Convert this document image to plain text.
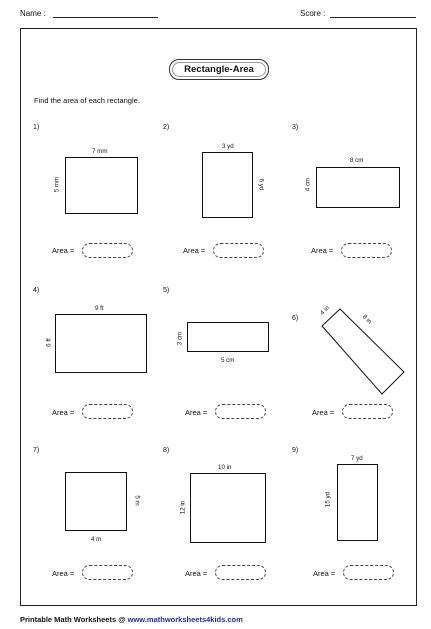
Name :	Score :
Rectangle-Area
Find the area of each rectangle.
1)
7 mm
5 mm
2)
3 yd
6 yd
3)
8 cm
4 cm
Area =	Area =	Area =
4)
9 ft
6 ft
5)
3 cm
5 cm
6)
4 in
8 in
Area =	Area =	Area =
7)
5 m
4 m
8)
10 in
12 in
9)
7 yd
15 yd
Area =	Area =	Area =
Printable Math Worksheets @ www.mathworksheets4kids.com
